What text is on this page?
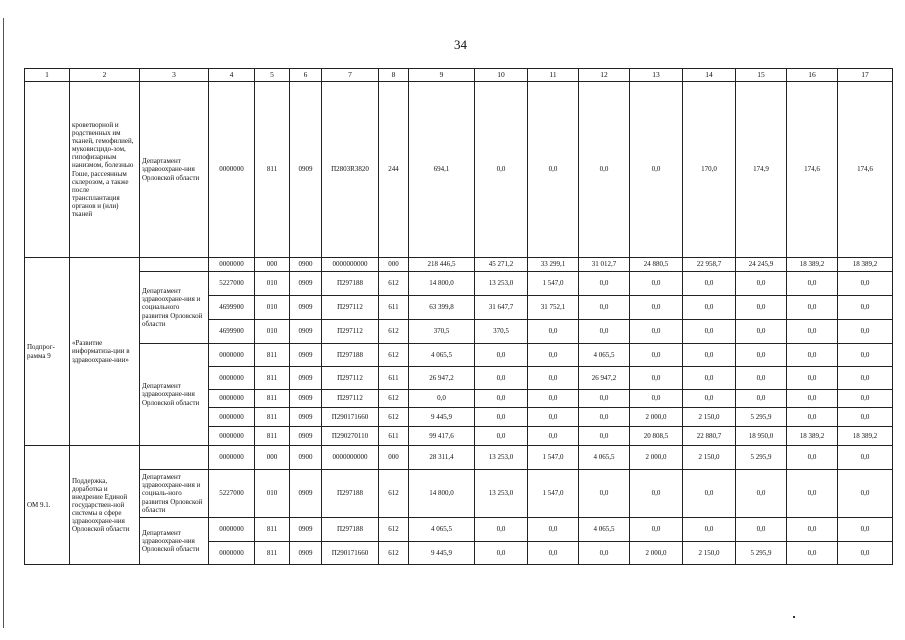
34
1	2	3	4	5	6	7	8	9	10	11	12	13	14	15	16	17
	кроветворной и родственных им тканей, гемофилией, муковисцидо-зом, гипофизарным нанизмом, болезнью Гоше, рассеянным склерозом, а также после трансплантация органов и (или) тканей	Департамент здравоохране-ния Орловской области	0000000	811	0909	П2803R3820	244	694,1	0,0	0,0	0,0	0,0	170,0	174,9	174,6	174,6
Подпрог-рамма 9	«Развитие информатиза-ции в здравоохране-нии»		0000000	000	0900	0000000000	000	218 446,5	45 271,2	33 299,1	31 012,7	24 880,5	22 958,7	24 245,9	18 389,2	18 389,2
		Департамент здравоохране-ния и социального развития Орловской области	5227000	010	0909	П297188	612	14 800,0	13 253,0	1 547,0	0,0	0,0	0,0	0,0	0,0	0,0
			4699900	010	0909	П297112	611	63 399,8	31 647,7	31 752,1	0,0	0,0	0,0	0,0	0,0	0,0
			4699900	010	0909	П297112	612	370,5	370,5	0,0	0,0	0,0	0,0	0,0	0,0	0,0
		Департамент здравоохране-ния Орловской области	0000000	811	0909	П297188	612	4 065,5	0,0	0,0	4 065,5	0,0	0,0	0,0	0,0	0,0
			0000000	811	0909	П297112	611	26 947,2	0,0	0,0	26 947,2	0,0	0,0	0,0	0,0	0,0
			0000000	811	0909	П297112	612	0,0	0,0	0,0	0,0	0,0	0,0	0,0	0,0	0,0
			0000000	811	0909	П290171660	612	9 445,9	0,0	0,0	0,0	2 000,0	2 150,0	5 295,9	0,0	0,0
			0000000	811	0909	П290270110	611	99 417,6	0,0	0,0	0,0	20 808,5	22 880,7	18 950,0	18 389,2	18 389,2
ОМ 9.1.	Поддержка, доработка и внедрение Единой государствен-ной системы в сфере здравоохране-ния Орловской области		0000000	000	0900	0000000000	000	28 311,4	13 253,0	1 547,0	4 065,5	2 000,0	2 150,0	5 295,9	0,0	0,0
		Департамент здравоохране-ния и социаль-ного развития Орловской области	5227000	010	0909	П297188	612	14 800,0	13 253,0	1 547,0	0,0	0,0	0,0	0,0	0,0	0,0
		Департамент здравоохране-ния Орловской области	0000000	811	0909	П297188	612	4 065,5	0,0	0,0	4 065,5	0,0	0,0	0,0	0,0	0,0
			0000000	811	0909	П290171660	612	9 445,9	0,0	0,0	0,0	2 000,0	2 150,0	5 295,9	0,0	0,0
